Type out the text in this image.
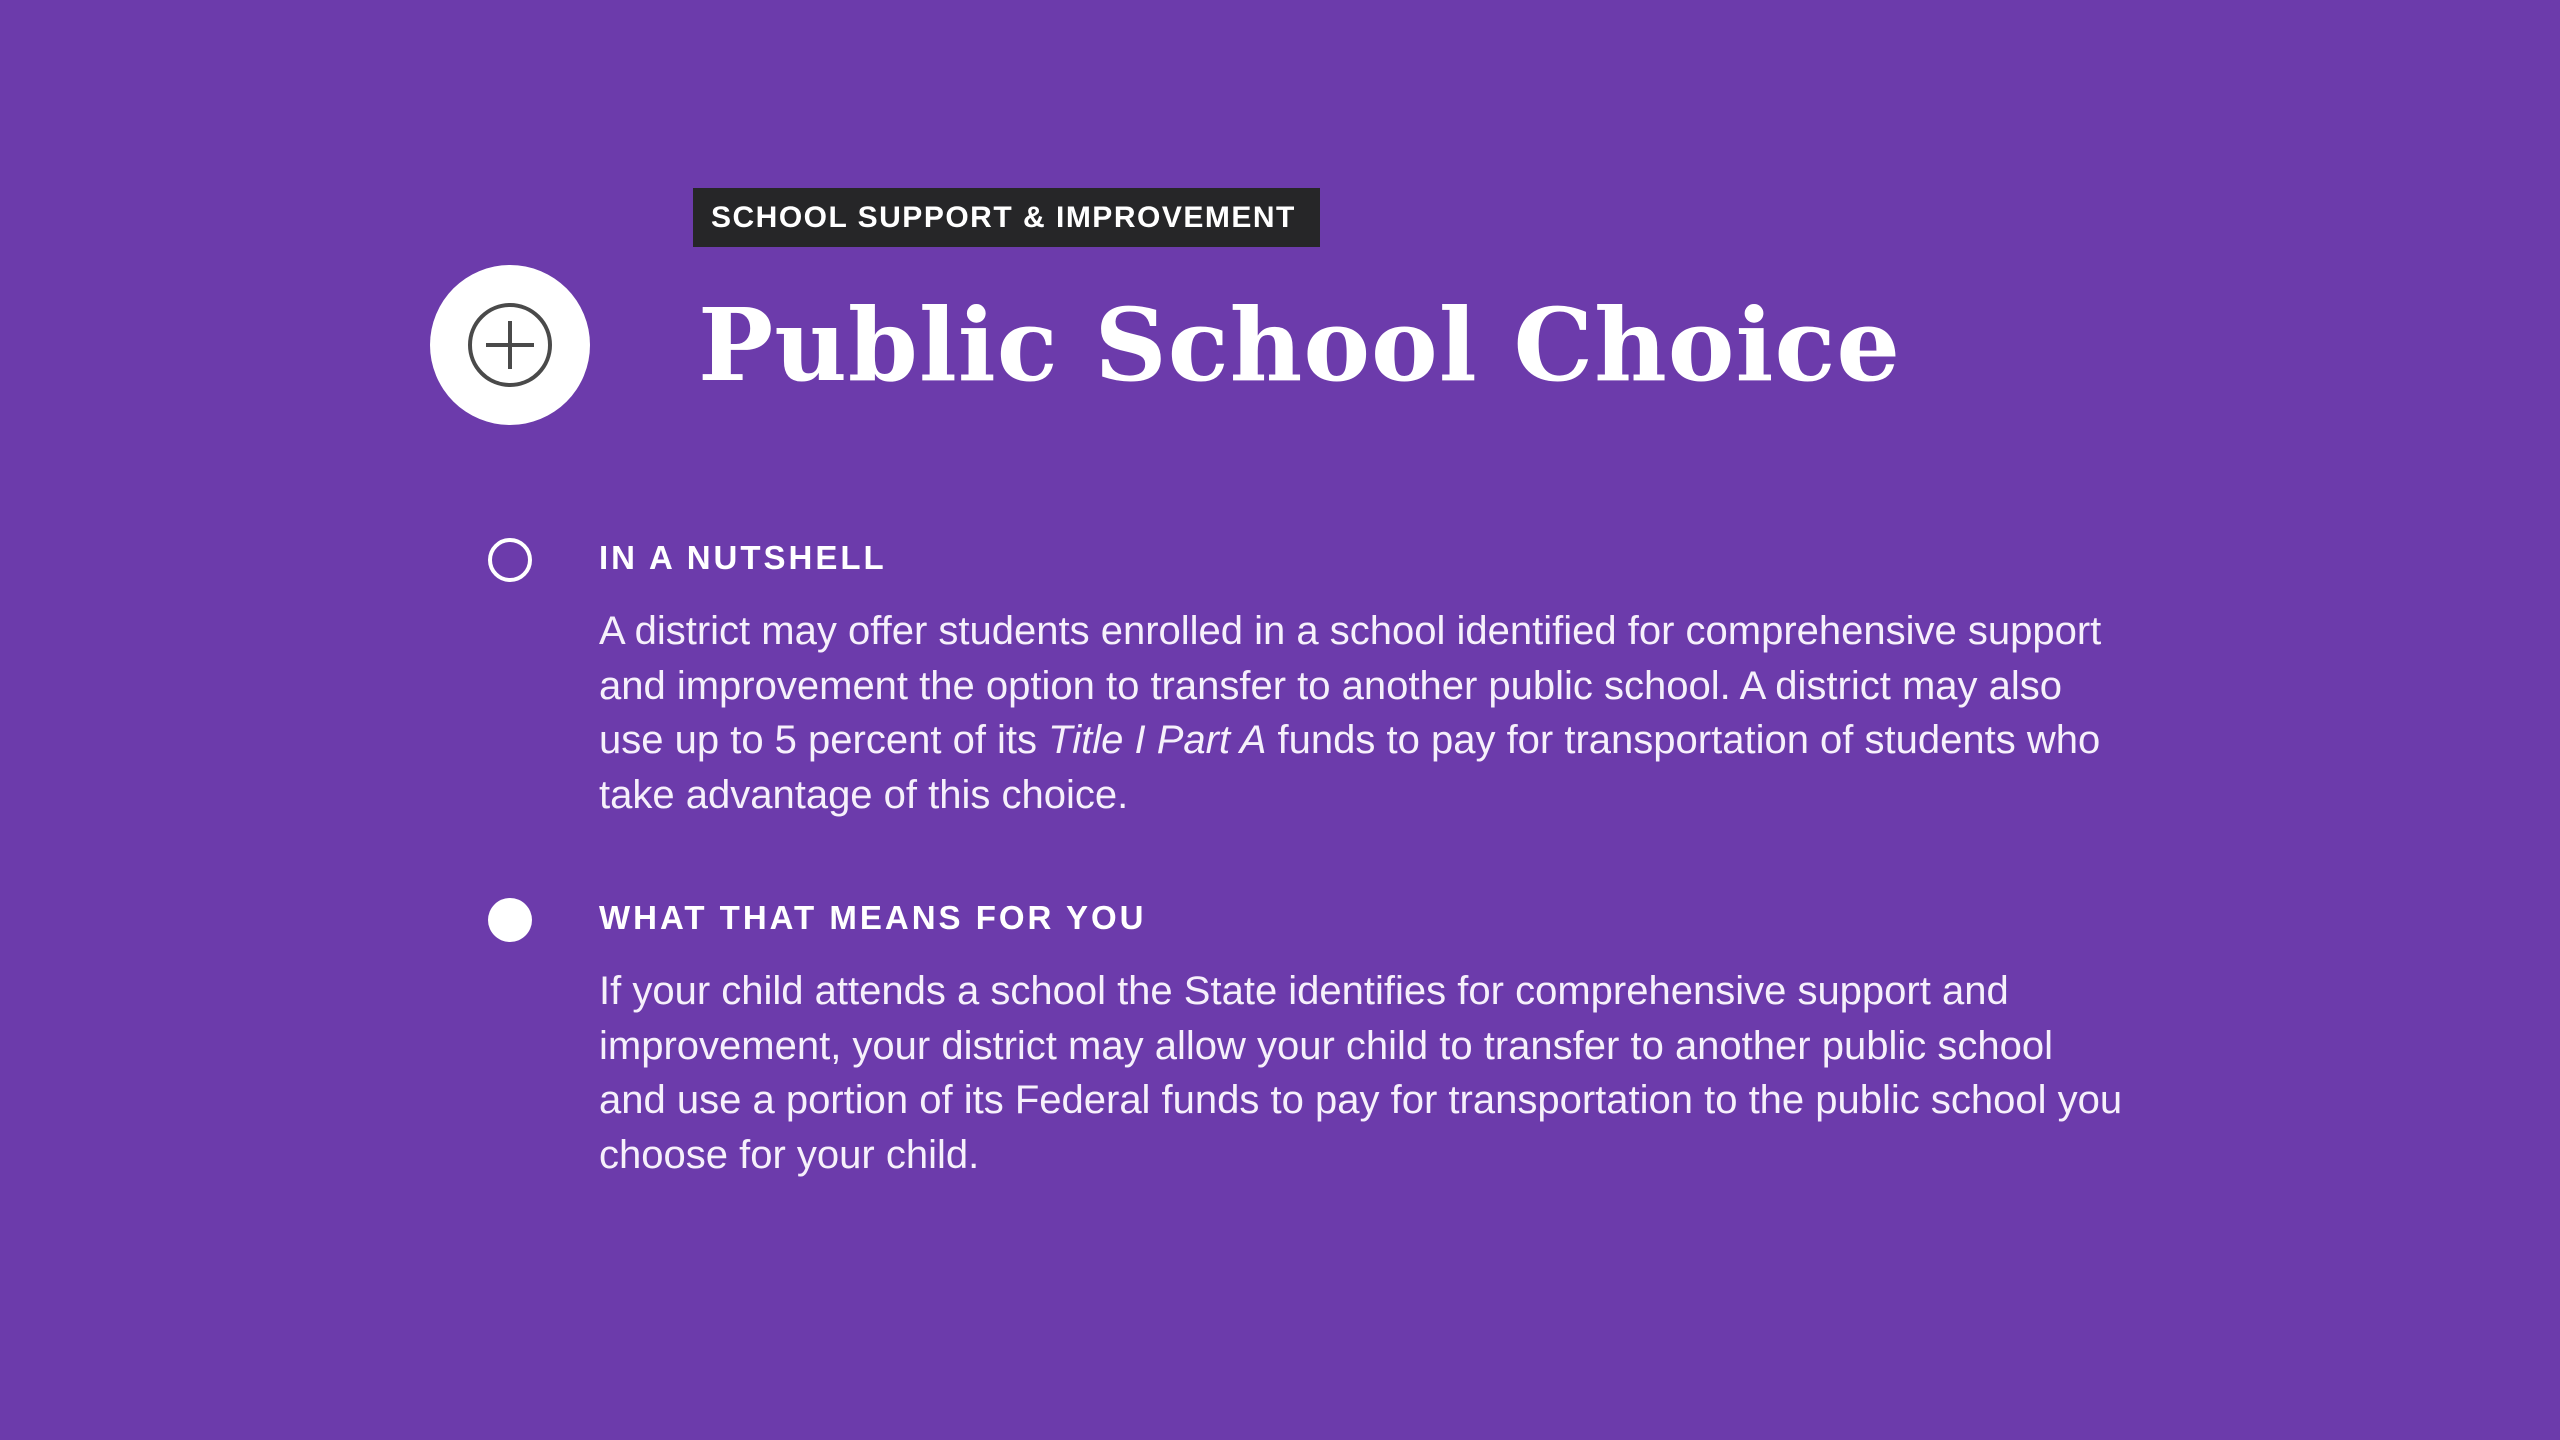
SCHOOL SUPPORT & IMPROVEMENT
Public School Choice
IN A NUTSHELL

A district may offer students enrolled in a school identified for comprehensive support and improvement the option to transfer to another public school. A district may also use up to 5 percent of its Title I Part A funds to pay for transportation of students who take advantage of this choice.

WHAT THAT MEANS FOR YOU

If your child attends a school the State identifies for comprehensive support and improvement, your district may allow your child to transfer to another public school and use a portion of its Federal funds to pay for transportation to the public school you choose for your child.
